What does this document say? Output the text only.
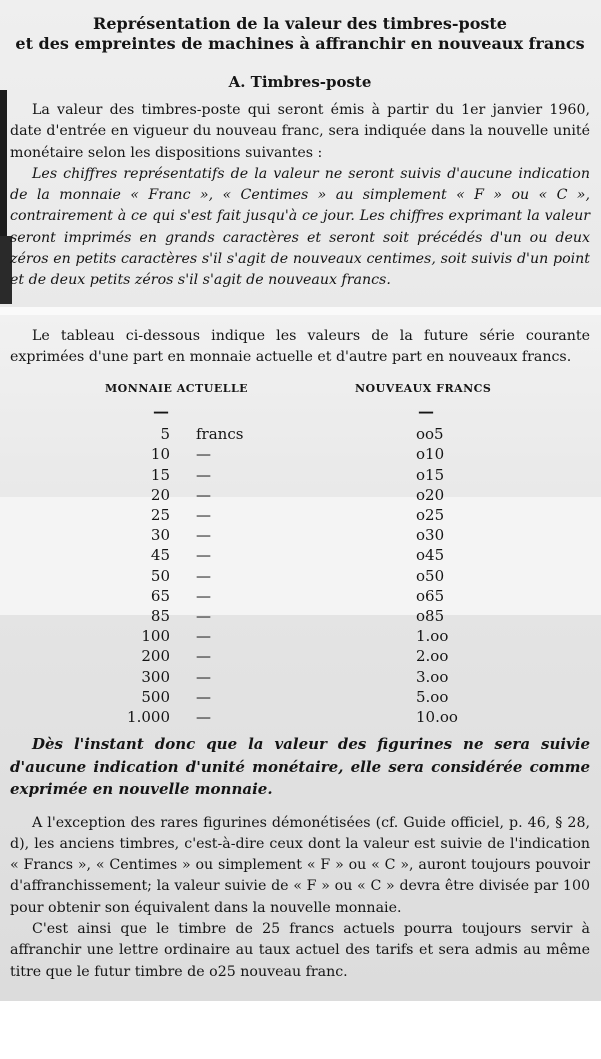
Représentation de la valeur des timbres-poste
et des empreintes de machines à affranchir en nouveaux francs
A. Timbres-poste

La valeur des timbres-poste qui seront émis à partir du 1er janvier 1960, date d'entrée en vigueur du nouveau franc, sera indiquée dans la nouvelle unité monétaire selon les dispositions suivantes :

Les chiffres représentatifs de la valeur ne seront suivis d'aucune indication de la monnaie « Franc », « Centimes » au simplement « F » ou « C », contrairement à ce qui s'est fait jusqu'à ce jour. Les chiffres exprimant la valeur seront imprimés en grands caractères et seront soit précédés d'un ou deux zéros en petits caractères s'il s'agit de nouveaux centimes, soit suivis d'un point et de deux petits zéros s'il s'agit de nouveaux francs.

Le tableau ci-dessous indique les valeurs de la future série courante exprimées d'une part en monnaie actuelle et d'autre part en nouveaux francs.

MONNAIE ACTUELLE	NOUVEAUX FRANCS
—	—
5 francs	oo5
10 —	o10
15 —	o15
20 —	o20
25 —	o25
30 —	o30
45 —	o45
50 —	o50
65 —	o65
85 —	o85
100 —	1.oo
200 —	2.oo
300 —	3.oo
500 —	5.oo
1.000 —	10.oo

Dès l'instant donc que la valeur des figurines ne sera suivie d'aucune indication d'unité monétaire, elle sera considérée comme exprimée en nouvelle monnaie.

A l'exception des rares figurines démonétisées (cf. Guide officiel, p. 46, § 28, d), les anciens timbres, c'est-à-dire ceux dont la valeur est suivie de l'indication « Francs », « Centimes » ou simplement « F » ou « C », auront toujours pouvoir d'affranchissement; la valeur suivie de « F » ou « C » devra être divisée par 100 pour obtenir son équivalent dans la nouvelle monnaie.

C'est ainsi que le timbre de 25 francs actuels pourra toujours servir à affranchir une lettre ordinaire au taux actuel des tarifs et sera admis au même titre que le futur timbre de o25 nouveau franc.
